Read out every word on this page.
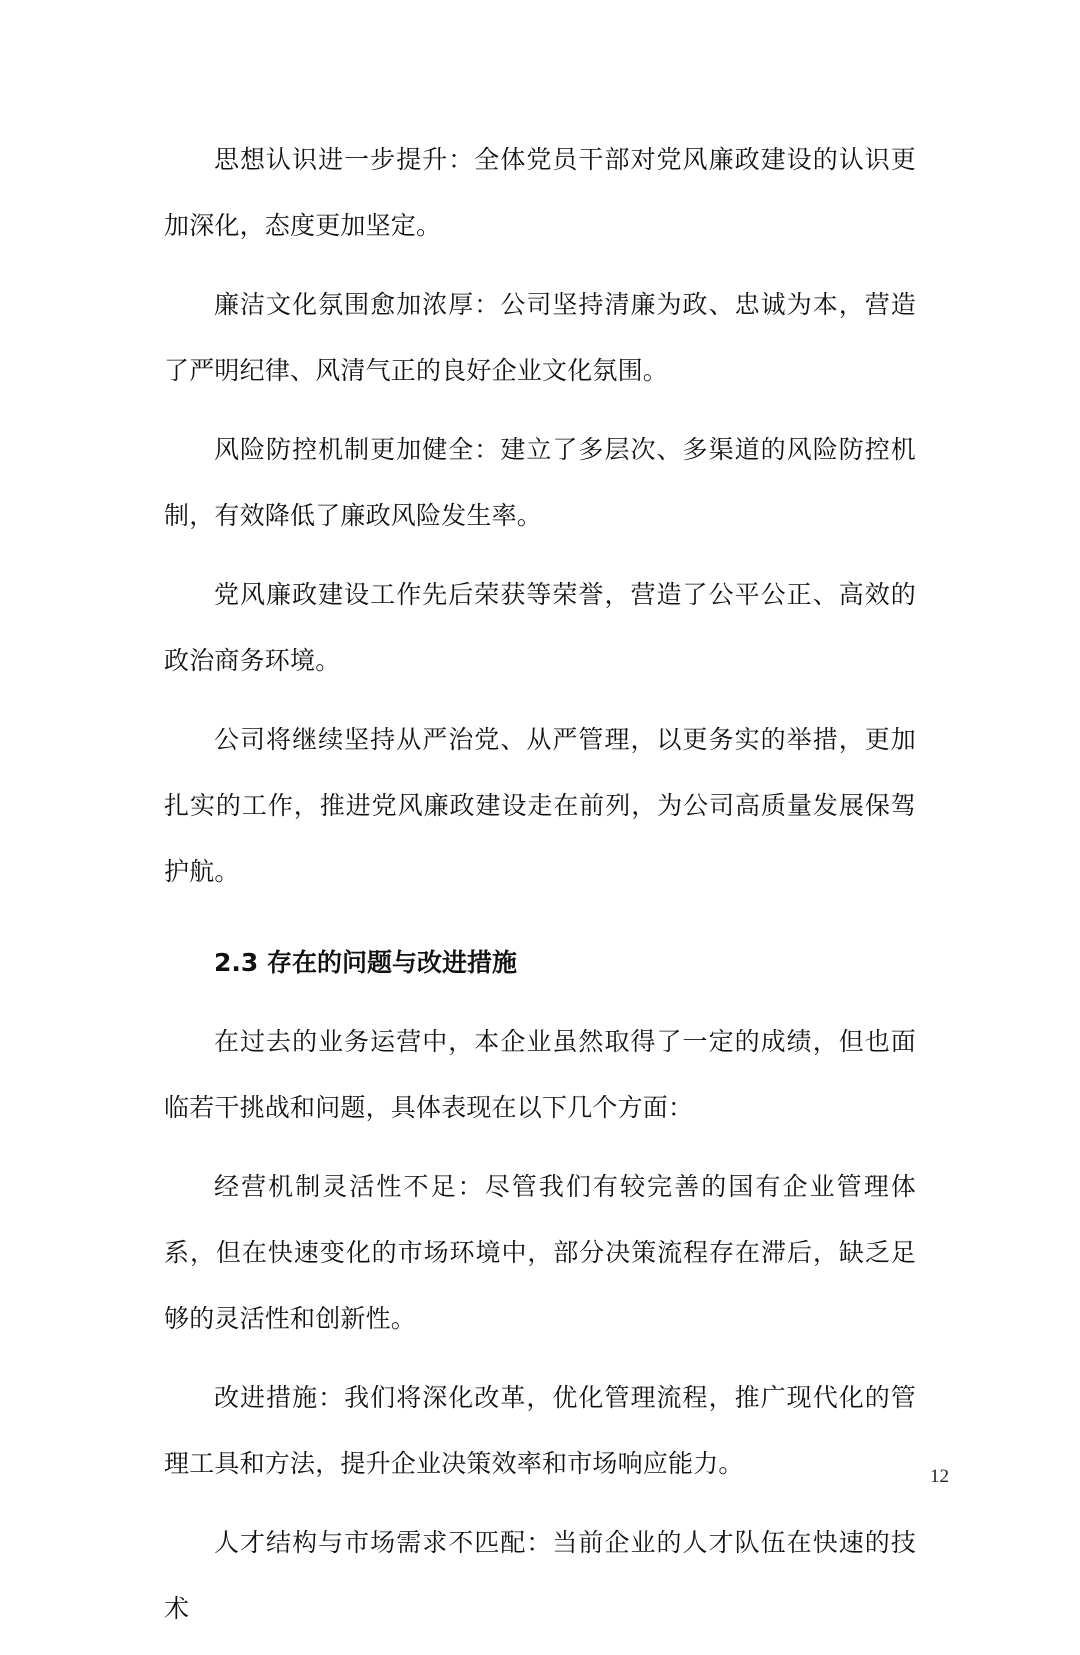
思想认识进一步提升：全体党员干部对党风廉政建设的认识更加深化，态度更加坚定。

廉洁文化氛围愈加浓厚：公司坚持清廉为政、忠诚为本，营造了严明纪律、风清气正的良好企业文化氛围。

风险防控机制更加健全：建立了多层次、多渠道的风险防控机制，有效降低了廉政风险发生率。

党风廉政建设工作先后荣获等荣誉，营造了公平公正、高效的政治商务环境。

公司将继续坚持从严治党、从严管理，以更务实的举措，更加扎实的工作，推进党风廉政建设走在前列，为公司高质量发展保驾护航。

2.3 存在的问题与改进措施

在过去的业务运营中，本企业虽然取得了一定的成绩，但也面临若干挑战和问题，具体表现在以下几个方面：

经营机制灵活性不足：尽管我们有较完善的国有企业管理体系，但在快速变化的市场环境中，部分决策流程存在滞后，缺乏足够的灵活性和创新性。

改进措施：我们将深化改革，优化管理流程，推广现代化的管理工具和方法，提升企业决策效率和市场响应能力。

人才结构与市场需求不匹配：当前企业的人才队伍在快速的技术

12
